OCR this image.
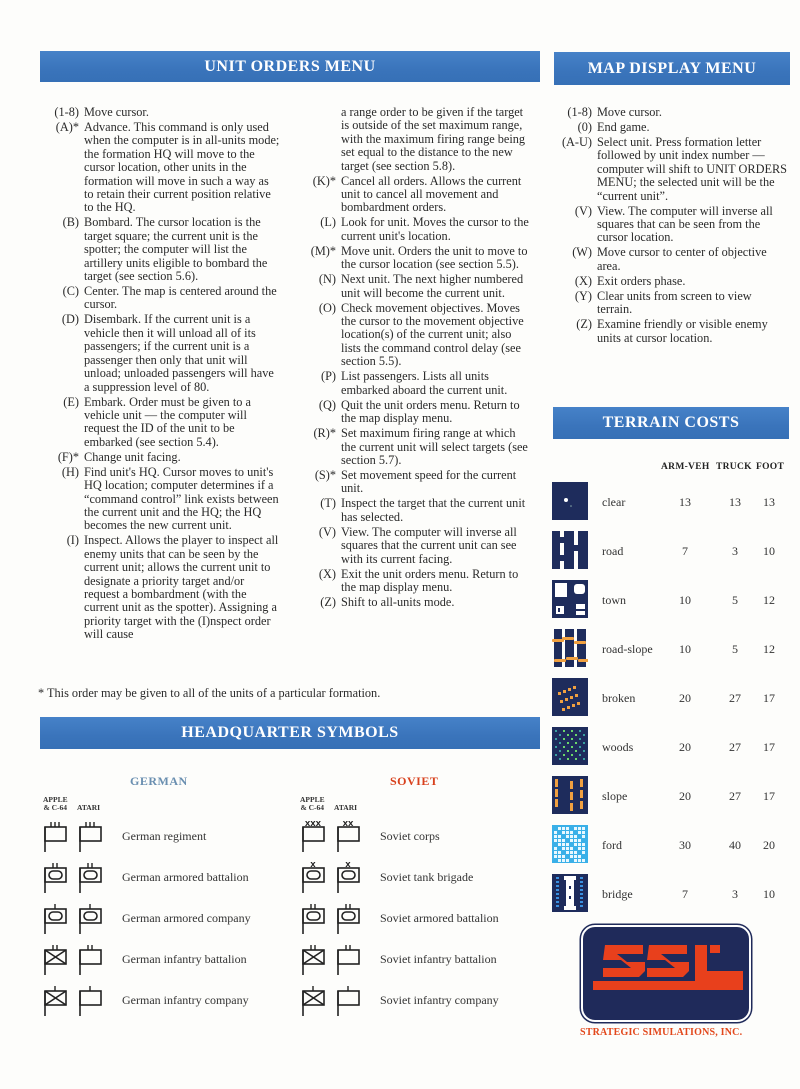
UNIT ORDERS MENU	MAP DISPLAY MENU
TERRAIN COSTS
HEADQUARTER SYMBOLS
(1-8) Move cursor.
(A)* Advance. This command is only used when the computer is in all-units mode; the formation HQ will move to the cursor location, other units in the formation will move in such a way as to retain their current position relative to the HQ.
(B) Bombard. The cursor location is the target square; the current unit is the spotter; the computer will list the artillery units eligible to bombard the target (see section 5.6).
(C) Center. The map is centered around the cursor.
(D) Disembark. If the current unit is a vehicle then it will unload all of its passengers; if the current unit is a passenger then only that unit will unload; unloaded passengers will have a suppression level of 80.
(E) Embark. Order must be given to a vehicle unit — the computer will request the ID of the unit to be embarked (see section 5.4).
(F)* Change unit facing.
(H) Find unit's HQ. Cursor moves to unit's HQ location; computer determines if a “command control” link exists between the current unit and the HQ; the HQ becomes the new current unit.
(I) Inspect. Allows the player to inspect all enemy units that can be seen by the current unit; allows the current unit to designate a priority target and/or request a bombardment (with the current unit as the spotter). Assigning a priority target with the (I)nspect order will cause
a range order to be given if the target is outside of the set maximum range, with the maximum firing range being set equal to the distance to the new target (see section 5.8).
(K)* Cancel all orders. Allows the current unit to cancel all movement and bombardment orders.
(L) Look for unit. Moves the cursor to the current unit's location.
(M)* Move unit. Orders the unit to move to the cursor location (see section 5.5).
(N) Next unit. The next higher numbered unit will become the current unit.
(O) Check movement objectives. Moves the cursor to the movement objective location(s) of the current unit; also lists the command control delay (see section 5.5).
(P) List passengers. Lists all units embarked aboard the current unit.
(Q) Quit the unit orders menu. Return to the map display menu.
(R)* Set maximum firing range at which the current unit will select targets (see section 5.7).
(S)* Set movement speed for the current unit.
(T) Inspect the target that the current unit has selected.
(V) View. The computer will inverse all squares that the current unit can see with its current facing.
(X) Exit the unit orders menu. Return to the map display menu.
(Z) Shift to all-units mode.
(1-8) Move cursor.
(0) End game.
(A-U) Select unit. Press formation letter followed by unit index number — computer will shift to UNIT ORDERS MENU; the selected unit will be the “current unit”.
(V) View. The computer will inverse all squares that can be seen from the cursor location.
(W) Move cursor to center of objective area.
(X) Exit orders phase.
(Y) Clear units from screen to view terrain.
(Z) Examine friendly or visible enemy units at cursor location.
* This order may be given to all of the units of a particular formation.
ARM-VEH TRUCK FOOT
clear	13	13	13
road	7	3	10
town	10	5	12
road-slope	10	5	12
broken	20	27	17
woods	20	27	17
slope	20	27	17
ford	30	40	20
bridge	7	3	10
GERMAN	SOVIET
APPLE
& C-64 ATARI
APPLE
& C-64 ATARI
German regiment
German armored battalion
German armored company
German infantry battalion
German infantry company
XXX	XX
Soviet corps
X	X
Soviet tank brigade
Soviet armored battalion
Soviet infantry battalion
Soviet infantry company
STRATEGIC SIMULATIONS, INC.
